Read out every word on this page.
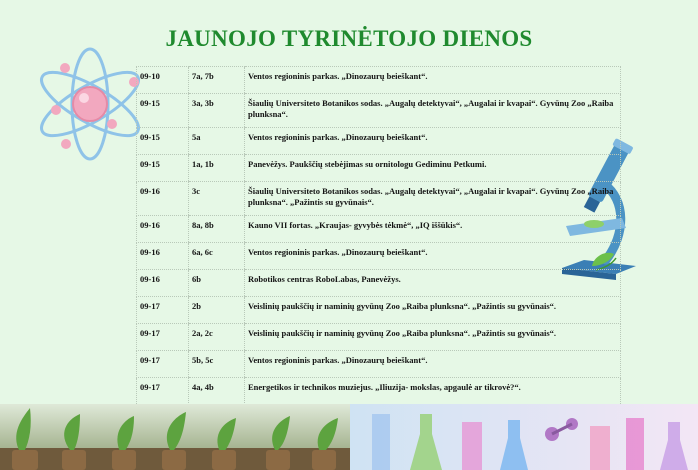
JAUNOJO TYRINĖTOJO DIENOS
09-10	7a, 7b	Ventos regioninis parkas. „Dinozaurų beieškant“.
09-15	3a, 3b	Šiaulių Universiteto Botanikos sodas. „Augalų detektyvai“, „Augalai ir kvapai“. Gyvūnų Zoo „Raiba plunksna“.
09-15	5a	Ventos regioninis parkas. „Dinozaurų beieškant“.
09-15	1a, 1b	Panevėžys. Paukščių stebėjimas su ornitologu Gediminu Petkumi.
09-16	3c	Šiaulių Universiteto Botanikos sodas. „Augalų detektyvai“, „Augalai ir kvapai“. Gyvūnų Zoo „Raiba plunksna“. „Pažintis su gyvūnais“.
09-16	8a, 8b	Kauno VII fortas. „Kraujas- gyvybės tėkmė“, „IQ iššūkis“.
09-16	6a, 6c	Ventos regioninis parkas. „Dinozaurų beieškant“.
09-16	6b	Robotikos centras RoboLabas, Panevėžys.
09-17	2b	Veislinių paukščių ir naminių gyvūnų Zoo „Raiba plunksna“. „Pažintis su gyvūnais“.
09-17	2a, 2c	Veislinių paukščių ir naminių gyvūnų Zoo „Raiba plunksna“. „Pažintis su gyvūnais“.
09-17	5b, 5c	Ventos regioninis parkas. „Dinozaurų beieškant“.
09-17	4a, 4b	Energetikos ir technikos muziejus. „Iliuzija- mokslas, apgaulė ar tikrovė?“.
